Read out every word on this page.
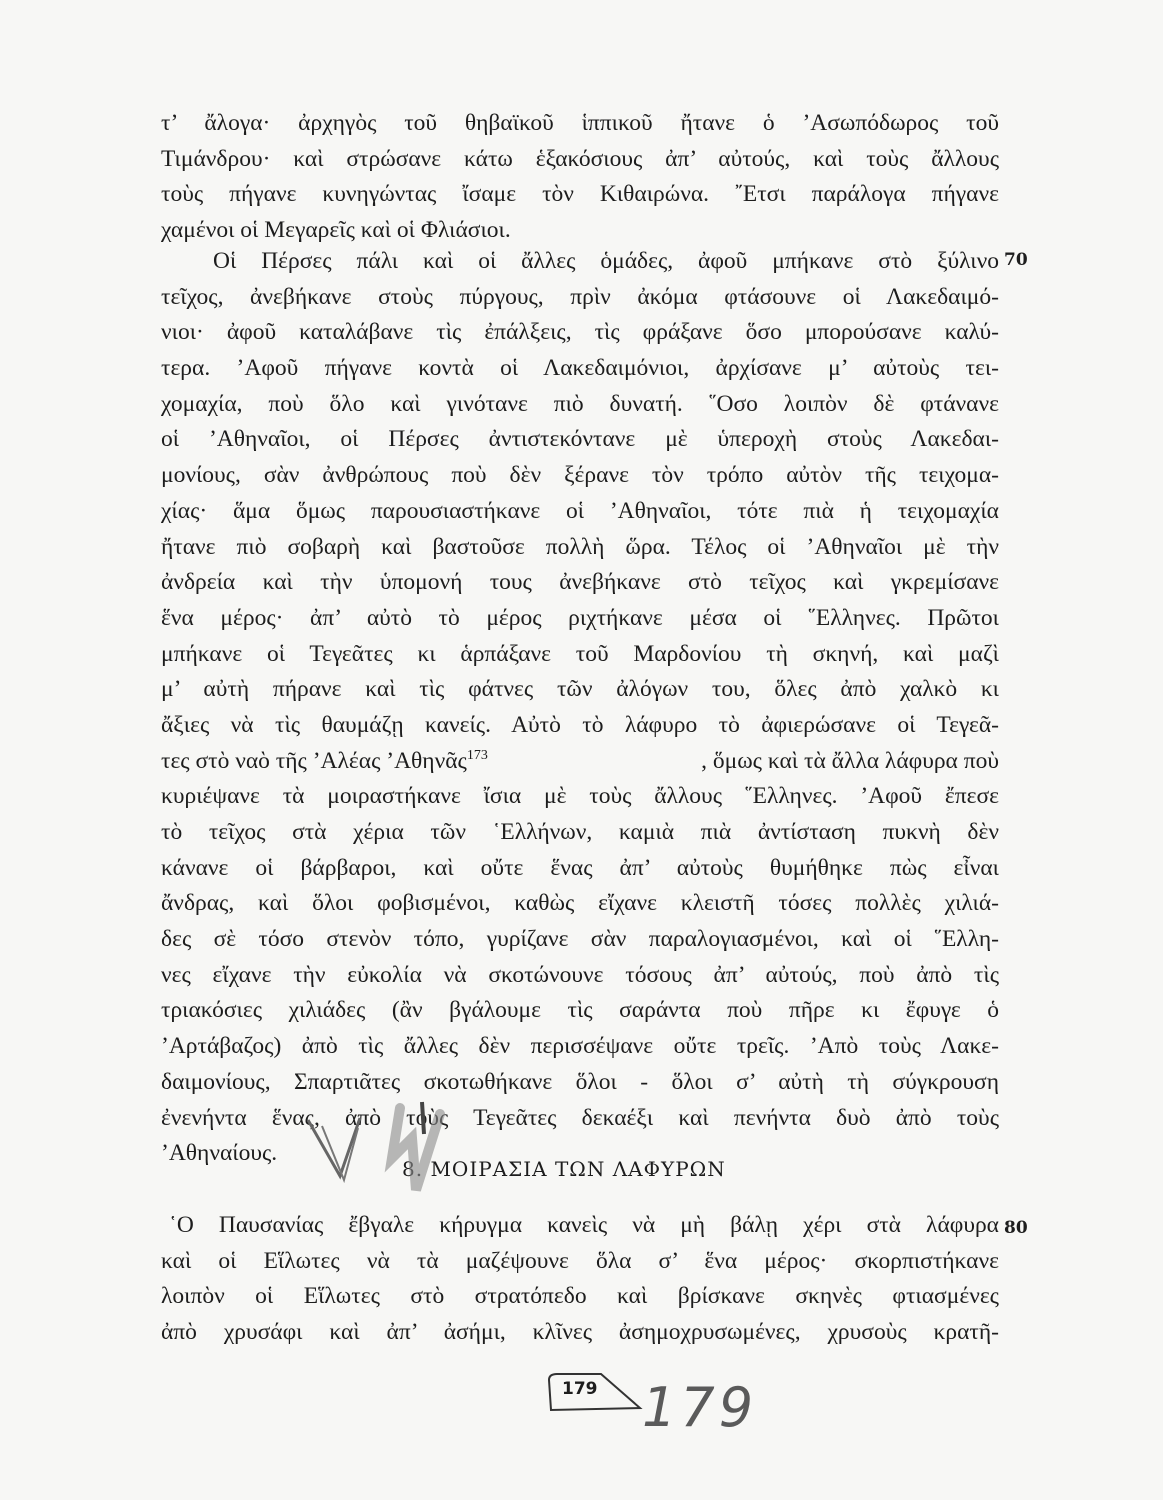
τ’ ἄλογα· ἀρχηγὸς τοῦ θηβαϊκοῦ ἱππικοῦ ἤτανε ὁ ’Ασωπόδωρος τοῦ
Τιμάνδρου· καὶ στρώσανε κάτω ἑξακόσιους ἀπ’ αὐτούς, καὶ τοὺς ἄλλους
τοὺς πήγανε κυνηγώντας ἴσαμε τὸν Κιθαιρώνα. ῎Ετσι παράλογα πήγανε
χαμένοι οἱ Μεγαρεῖς καὶ οἱ Φλιάσιοι.
Οἱ Πέρσες πάλι καὶ οἱ ἄλλες ὁμάδες, ἀφοῦ μπήκανε στὸ ξύλινο
τεῖχος, ἀνεβήκανε στοὺς πύργους, πρὶν ἀκόμα φτάσουνε οἱ Λακεδαιμό-
νιοι· ἀφοῦ καταλάβανε τὶς ἐπάλξεις, τὶς φράξανε ὅσο μπορούσανε καλύ-
τερα. ’Αφοῦ πήγανε κοντὰ οἱ Λακεδαιμόνιοι, ἀρχίσανε μ’ αὐτοὺς τει-
χομαχία, ποὺ ὅλο καὶ γινότανε πιὸ δυνατή. ῞Οσο λοιπὸν δὲ φτάνανε
οἱ ’Αθηναῖοι, οἱ Πέρσες ἀντιστεκόντανε μὲ ὑπεροχὴ στοὺς Λακεδαι-
μονίους, σὰν ἀνθρώπους ποὺ δὲν ξέρανε τὸν τρόπο αὐτὸν τῆς τειχομα-
χίας· ἅμα ὅμως παρουσιαστήκανε οἱ ’Αθηναῖοι, τότε πιὰ ἡ τειχομαχία
ἤτανε πιὸ σοβαρὴ καὶ βαστοῦσε πολλὴ ὥρα. Τέλος οἱ ’Αθηναῖοι μὲ τὴν
ἀνδρεία καὶ τὴν ὑπομονή τους ἀνεβήκανε στὸ τεῖχος καὶ γκρεμίσανε
ἕνα μέρος· ἀπ’ αὐτὸ τὸ μέρος ριχτήκανε μέσα οἱ ῞Ελληνες. Πρῶτοι
μπήκανε οἱ Τεγεᾶτες κι ἁρπάξανε τοῦ Μαρδονίου τὴ σκηνή, καὶ μαζὶ
μ’ αὐτὴ πήρανε καὶ τὶς φάτνες τῶν ἀλόγων του, ὅλες ἀπὸ χαλκὸ κι
ἄξιες νὰ τὶς θαυμάζῃ κανείς. Αὐτὸ τὸ λάφυρο τὸ ἀφιερώσανε οἱ Τεγεᾶ-
τες στὸ ναὸ τῆς ’Αλέας ’Αθηνᾶς$^{173}$	, ὅμως καὶ τὰ ἄλλα λάφυρα ποὺ
κυριέψανε τὰ μοιραστήκανε ἴσια μὲ τοὺς ἄλλους ῞Ελληνες. ’Αφοῦ ἔπεσε
τὸ τεῖχος στὰ χέρια τῶν ῾Ελλήνων, καμιὰ πιὰ ἀντίσταση πυκνὴ δὲν
κάνανε οἱ βάρβαροι, καὶ οὔτε ἕνας ἀπ’ αὐτοὺς θυμήθηκε πὼς εἶναι
ἄνδρας, καὶ ὅλοι φοβισμένοι, καθὼς εἴχανε κλειστῆ τόσες πολλὲς χιλιά-
δες σὲ τόσο στενὸν τόπο, γυρίζανε σὰν παραλογιασμένοι, καὶ οἱ ῞Ελλη-
νες εἴχανε τὴν εὐκολία νὰ σκοτώνουνε τόσους ἀπ’ αὐτούς, ποὺ ἀπὸ τὶς
τριακόσιες χιλιάδες (ἂν βγάλουμε τὶς σαράντα ποὺ πῆρε κι ἔφυγε ὁ
’Αρτάβαζος) ἀπὸ τὶς ἄλλες δὲν περισσέψανε οὔτε τρεῖς. ’Απὸ τοὺς Λακε-
δαιμονίους, Σπαρτιᾶτες σκοτωθήκανε ὅλοι - ὅλοι σ’ αὐτὴ τὴ σύγκρουση
ἐνενήντα ἕνας, ἀπὸ τοὺς Τεγεᾶτες δεκαέξι καὶ πενήντα δυὸ ἀπὸ τοὺς
’Αθηναίους.
70
8. ΜΟΙΡΑΣΙΑ ΤΩΝ ΛΑΦΥΡΩΝ
῾Ο Παυσανίας ἔβγαλε κήρυγμα κανεὶς νὰ μὴ βάλῃ χέρι στὰ λάφυρα
καὶ οἱ Εἵλωτες νὰ τὰ μαζέψουνε ὅλα σ’ ἕνα μέρος· σκορπιστήκανε
λοιπὸν οἱ Εἵλωτες στὸ στρατόπεδο καὶ βρίσκανε σκηνὲς φτιασμένες
ἀπὸ χρυσάφι καὶ ἀπ’ ἀσήμι, κλῖνες ἀσημοχρυσωμένες, χρυσοὺς κρατῆ-
80
179 179
